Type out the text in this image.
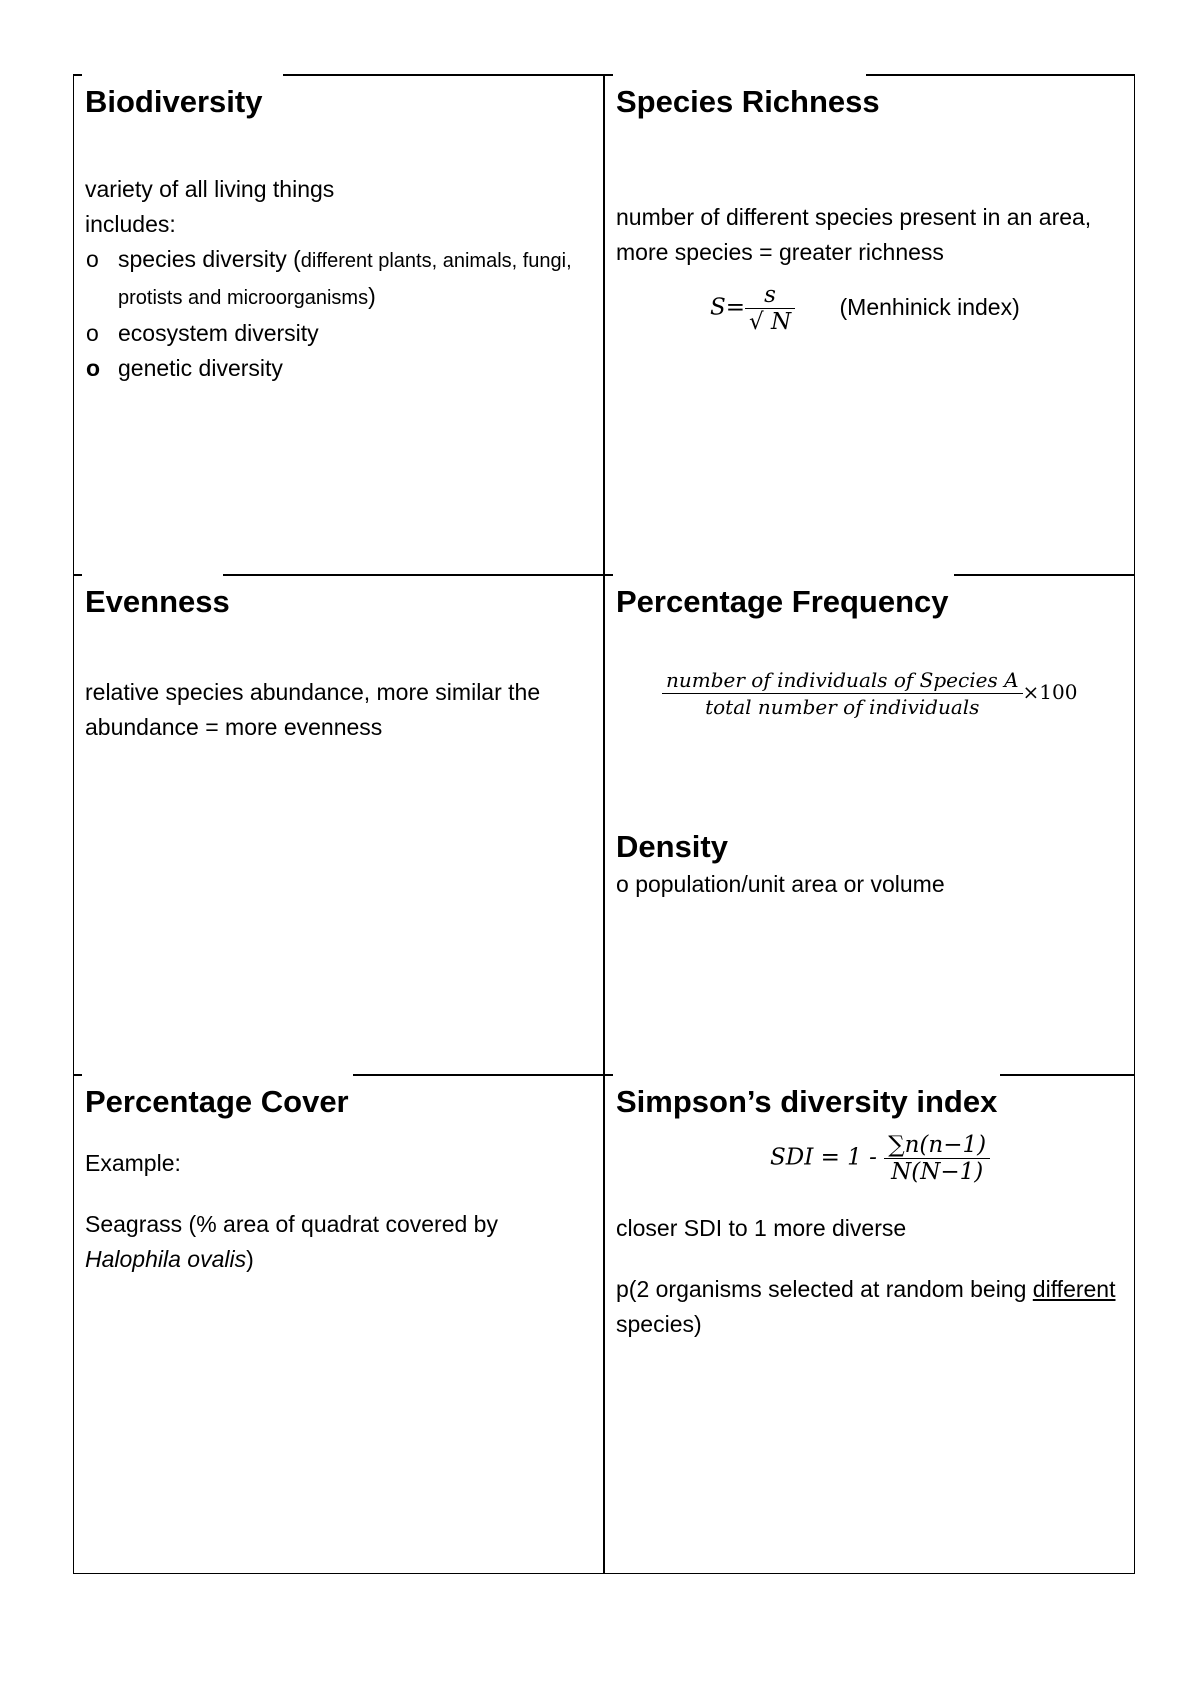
Biodiversity
variety of all living things
includes:
o species diversity (different plants, animals, fungi, protists and microorganisms)
o ecosystem diversity
o genetic diversity
Species Richness
number of different species present in an area, more species = greater richness
$S= \frac{s}{√ N}$ (Menhinick index)
Evenness
relative species abundance, more similar the abundance = more evenness
Percentage Frequency
$\frac{\text{number of individuals of Species A}}{\text{total number of individuals}} \times 100$
Density
o population/unit area or volume
Percentage Cover
Example:
Seagrass (% area of quadrat covered by Halophila ovalis)
Simpson’s diversity index
SDI = $1 - \frac{\sum n(n-1)}{N(N-1)}$
closer SDI to 1 more diverse
p(2 organisms selected at random being different species)
